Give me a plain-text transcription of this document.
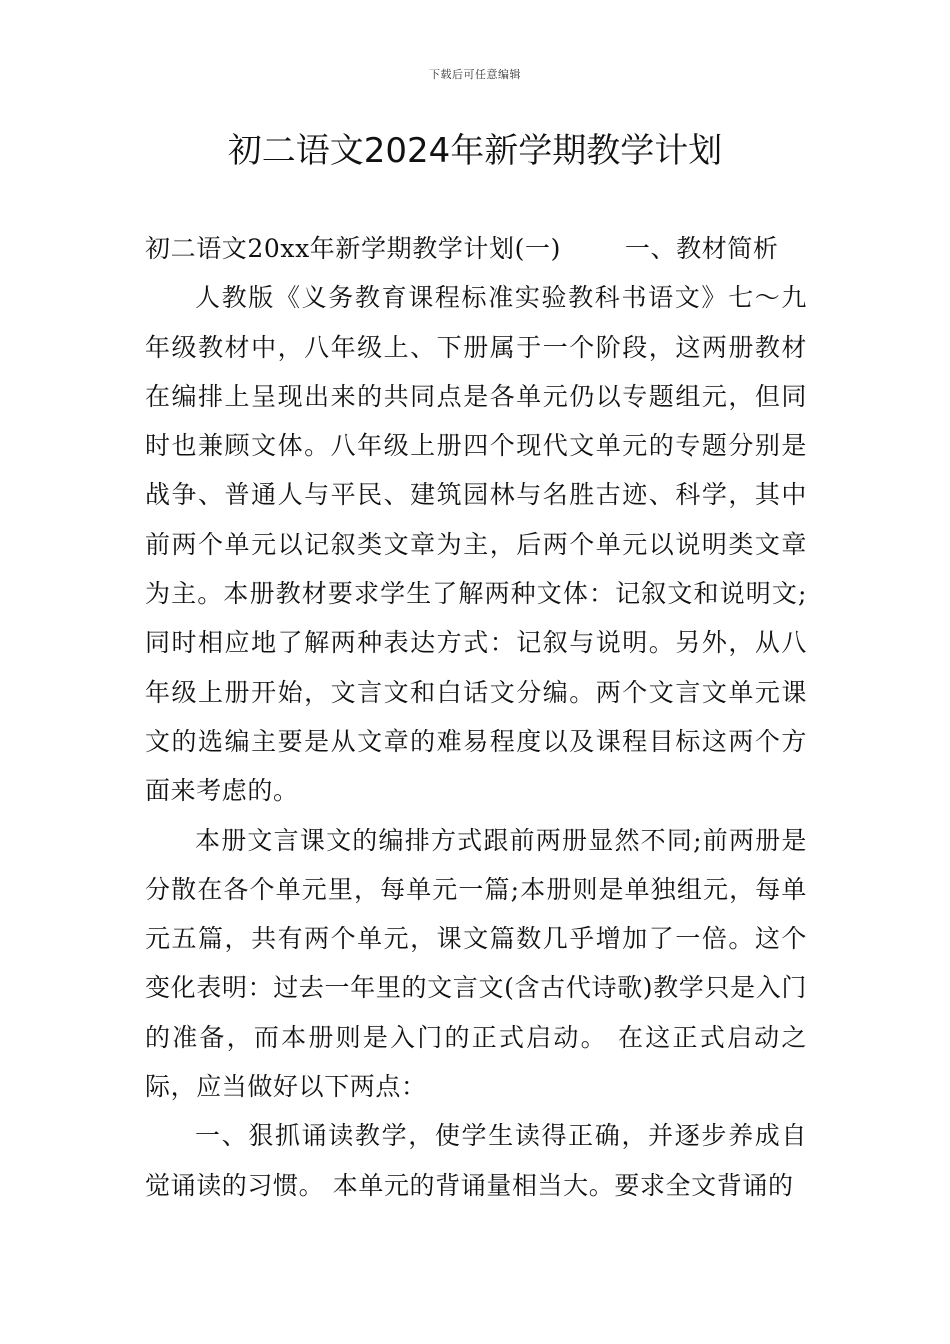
下载后可任意编辑
初二语文2024年新学期教学计划

初二语文20xx年新学期教学计划(一)	一、教材简析

人教版《义务教育课程标准实验教科书语文》七～九年级教材中，八年级上、下册属于一个阶段，这两册教材在编排上呈现出来的共同点是各单元仍以专题组元，但同时也兼顾文体。八年级上册四个现代文单元的专题分别是战争、普通人与平民、建筑园林与名胜古迹、科学，其中前两个单元以记叙类文章为主，后两个单元以说明类文章为主。本册教材要求学生了解两种文体：记叙文和说明文;同时相应地了解两种表达方式：记叙与说明。另外，从八年级上册开始，文言文和白话文分编。两个文言文单元课文的选编主要是从文章的难易程度以及课程目标这两个方面来考虑的。

本册文言课文的编排方式跟前两册显然不同;前两册是分散在各个单元里，每单元一篇;本册则是单独组元，每单元五篇，共有两个单元，课文篇数几乎增加了一倍。这个变化表明：过去一年里的文言文(含古代诗歌)教学只是入门的准备，而本册则是入门的正式启动。 在这正式启动之际，应当做好以下两点：

一、狠抓诵读教学，使学生读得正确，并逐步养成自觉诵读的习惯。 本单元的背诵量相当大。要求全文背诵的
